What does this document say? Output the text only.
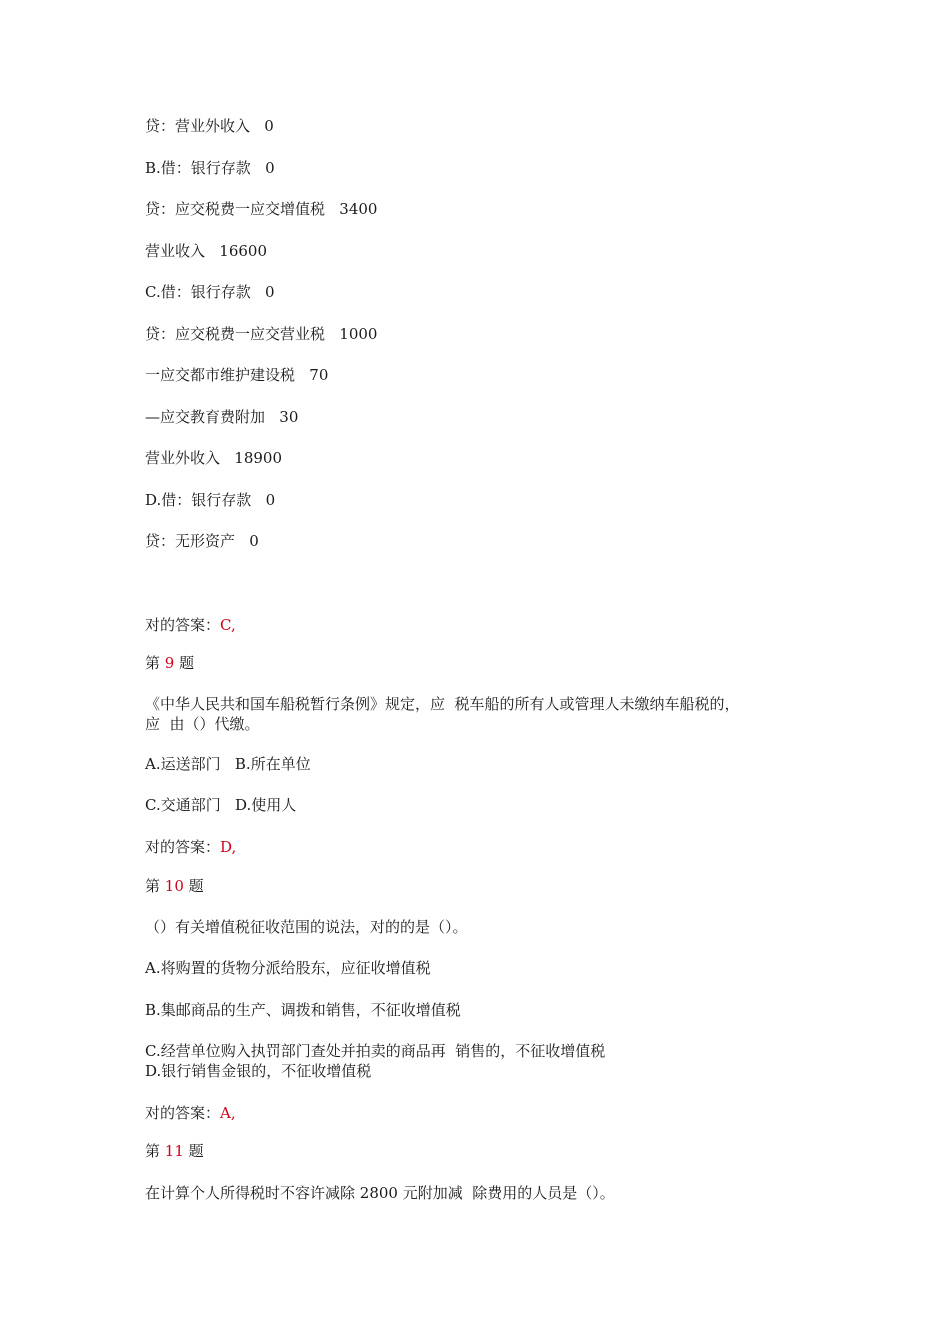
贷：营业外收入   0
B.借：银行存款   0
贷：应交税费一应交增值税   3400
营业收入   16600
C.借：银行存款   0
贷：应交税费一应交营业税   1000
一应交都市维护建设税   70
—应交教育费附加   30
营业外收入   18900
D.借：银行存款   0
贷：无形资产   0
对的答案：C,
第 9 题
《中华人民共和国车船税暂行条例》规定，应  税车船的所有人或管理人未缴纳车船税的，
应  由（）代缴。
A.运送部门   B.所在单位
C.交通部门   D.使用人
对的答案：D,
第 10 题
（）有关增值税征收范围的说法，对的的是（）。
A.将购置的货物分派给股东，应征收增值税
B.集邮商品的生产、调拨和销售，不征收增值税
C.经营单位购入执罚部门查处并拍卖的商品再  销售的，不征收增值税
D.银行销售金银的，不征收增值税
对的答案：A,
第 11 题
在计算个人所得税时不容许减除 2800 元附加减  除费用的人员是（）。
